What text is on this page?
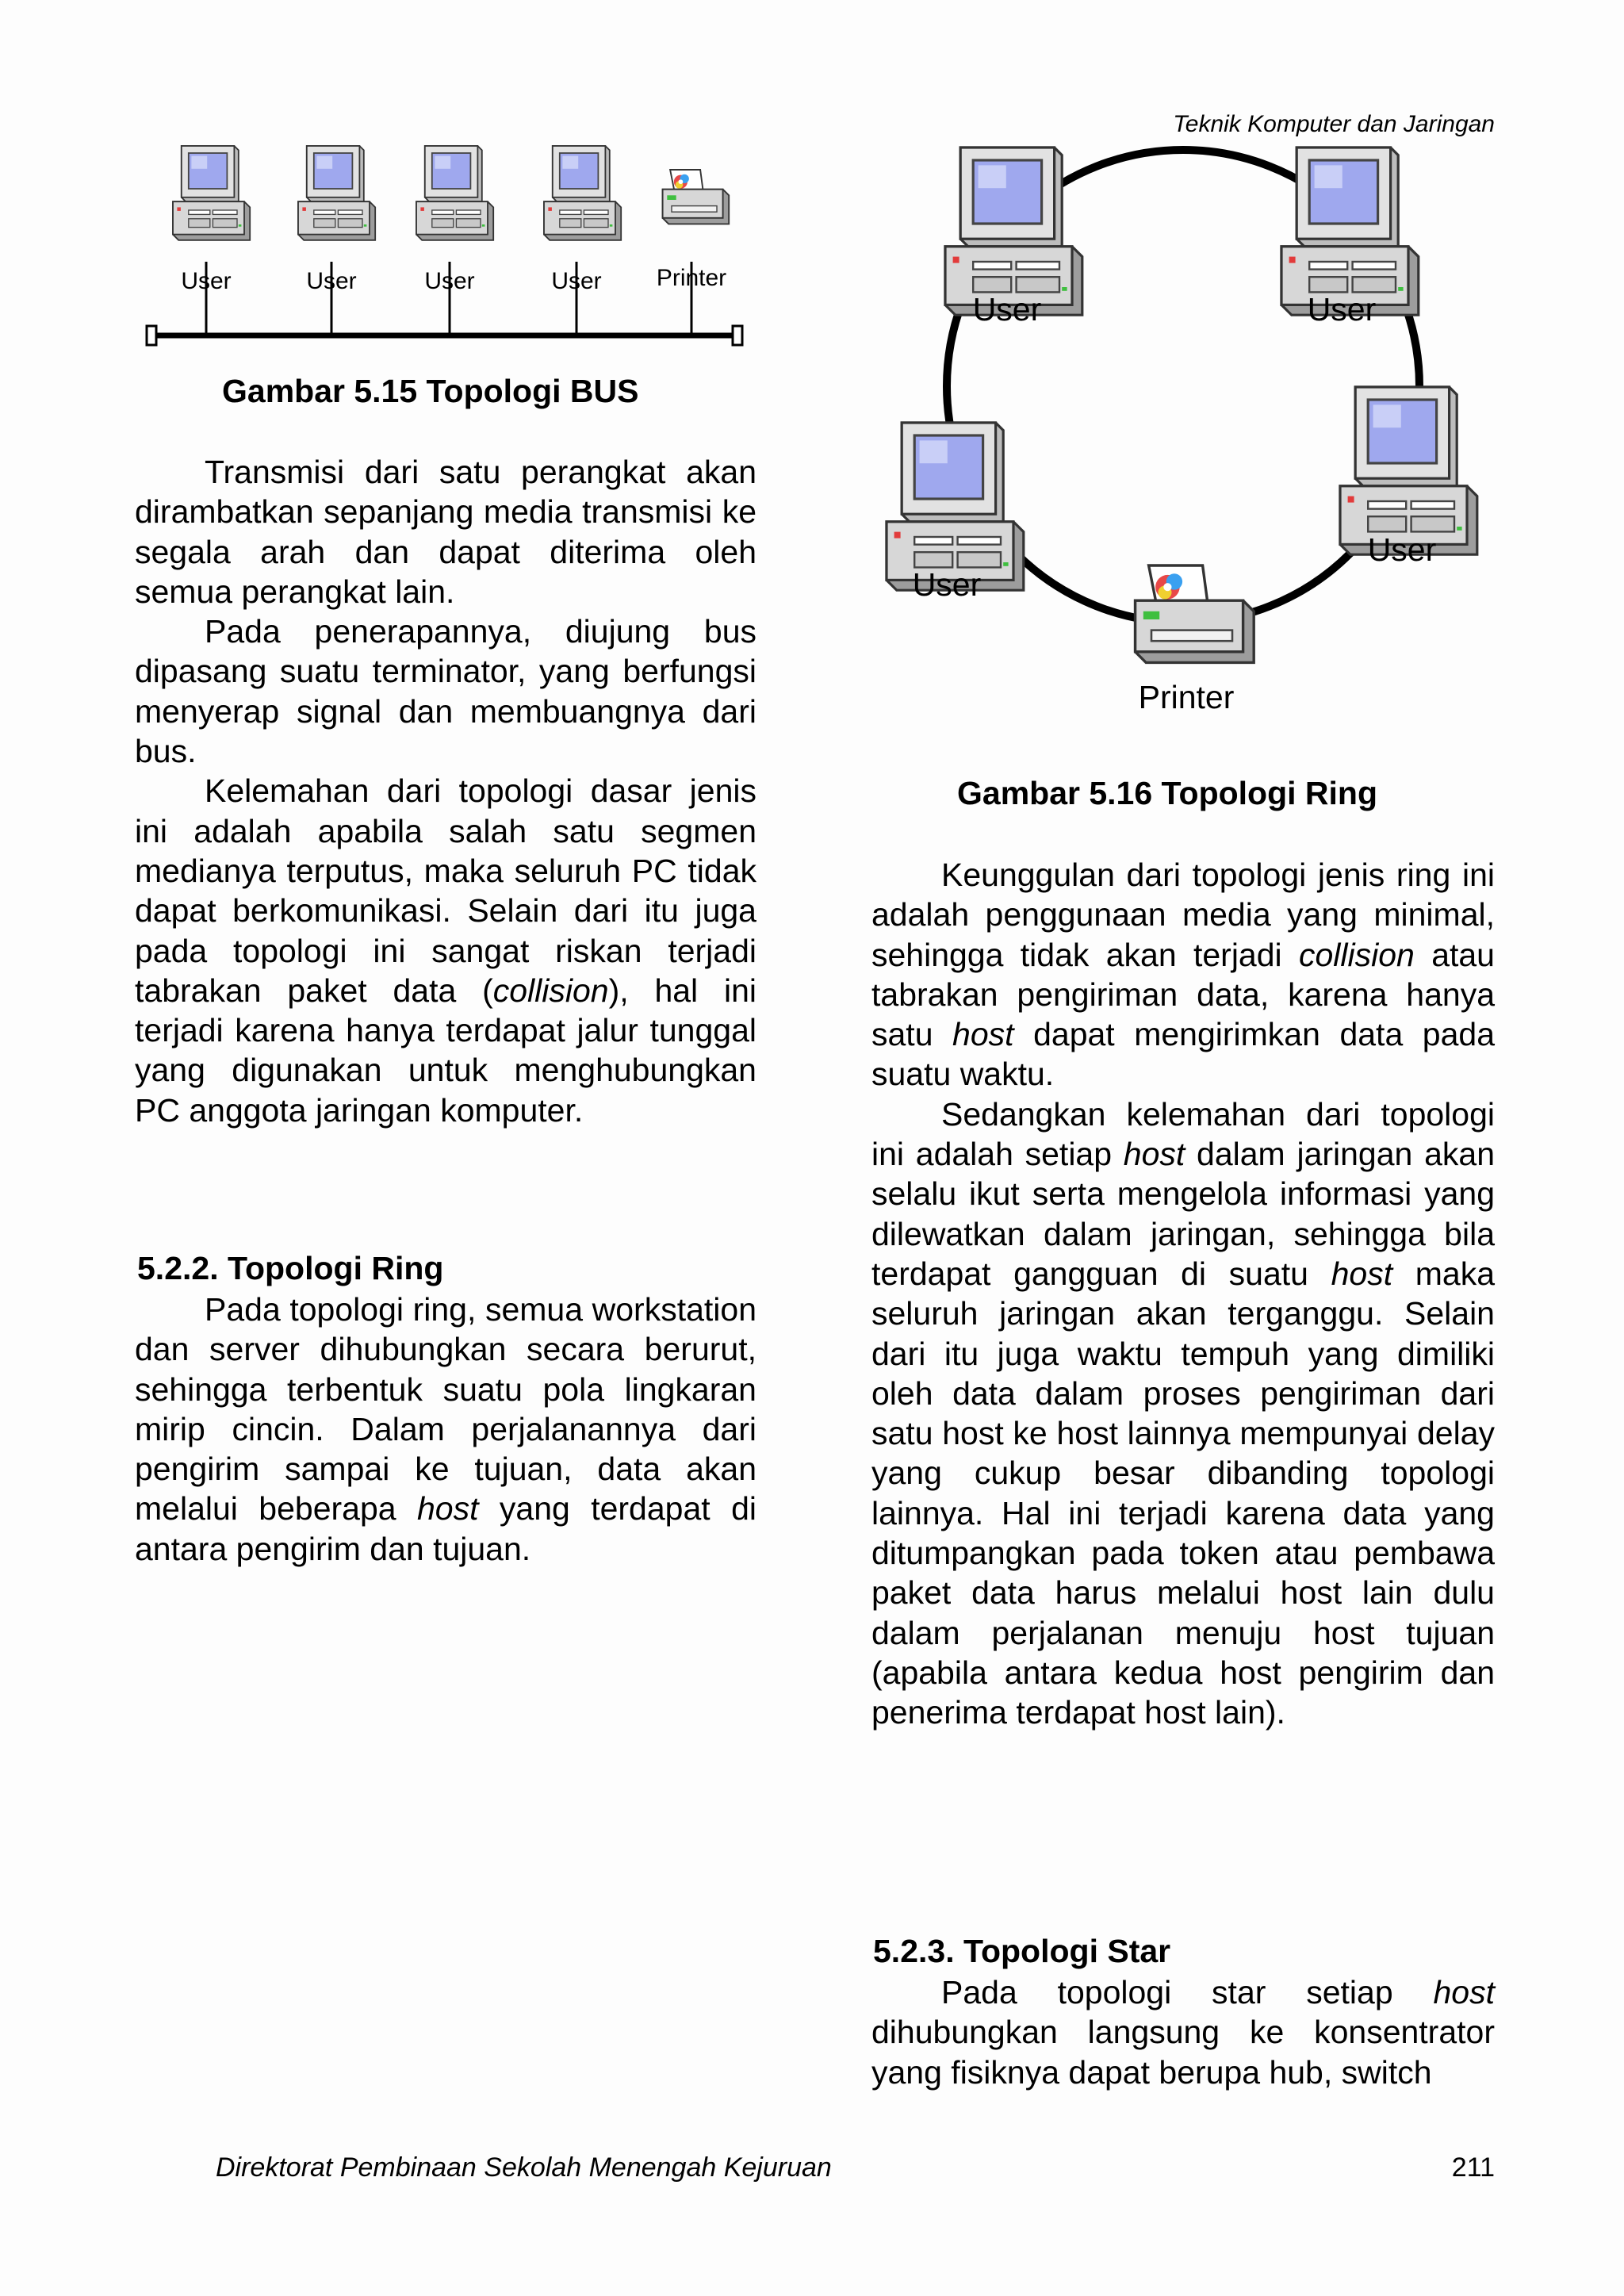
Teknik Komputer dan Jaringan
User	User	User	User Printer
Gambar 5.15 Topologi BUS
User	User
User
User
Printer
Gambar 5.16 Topologi Ring

Transmisi dari satu perangkat akan dirambatkan sepanjang media transmisi ke segala arah dan dapat diterima oleh semua perangkat lain.

Pada penerapannya, diujung bus dipasang suatu terminator, yang berfungsi menyerap signal dan membuangnya dari bus.

Kelemahan dari topologi dasar jenis ini adalah apabila salah satu segmen medianya terputus, maka seluruh PC tidak dapat berkomunikasi. Selain dari itu juga pada topologi ini sangat riskan terjadi tabrakan paket data (collision), hal ini terjadi karena hanya terdapat jalur tunggal yang digunakan untuk menghubungkan PC anggota jaringan komputer.

5.2.2. Topologi Ring

Pada topologi ring, semua workstation dan server dihubungkan secara berurut, sehingga terbentuk suatu pola lingkaran mirip cincin. Dalam perjalanannya dari pengirim sampai ke tujuan, data akan melalui beberapa host yang terdapat di antara pengirim dan tujuan.

Keunggulan dari topologi jenis ring ini adalah penggunaan media yang minimal, sehingga tidak akan terjadi collision atau tabrakan pengiriman data, karena hanya satu host dapat mengirimkan data pada suatu waktu.

Sedangkan kelemahan dari topologi ini adalah setiap host dalam jaringan akan selalu ikut serta mengelola informasi yang dilewatkan dalam jaringan, sehingga bila terdapat gangguan di suatu host maka seluruh jaringan akan terganggu. Selain dari itu juga waktu tempuh yang dimiliki oleh data dalam proses pengiriman dari satu host ke host lainnya mempunyai delay yang cukup besar dibanding topologi lainnya. Hal ini terjadi karena data yang ditumpangkan pada token atau pembawa paket data harus melalui host lain dulu dalam perjalanan menuju host tujuan (apabila antara kedua host pengirim dan penerima terdapat host lain).

5.2.3. Topologi Star

Pada topologi star setiap host dihubungkan langsung ke konsentrator yang fisiknya dapat berupa hub, switch

Direktorat Pembinaan Sekolah Menengah Kejuruan	211
